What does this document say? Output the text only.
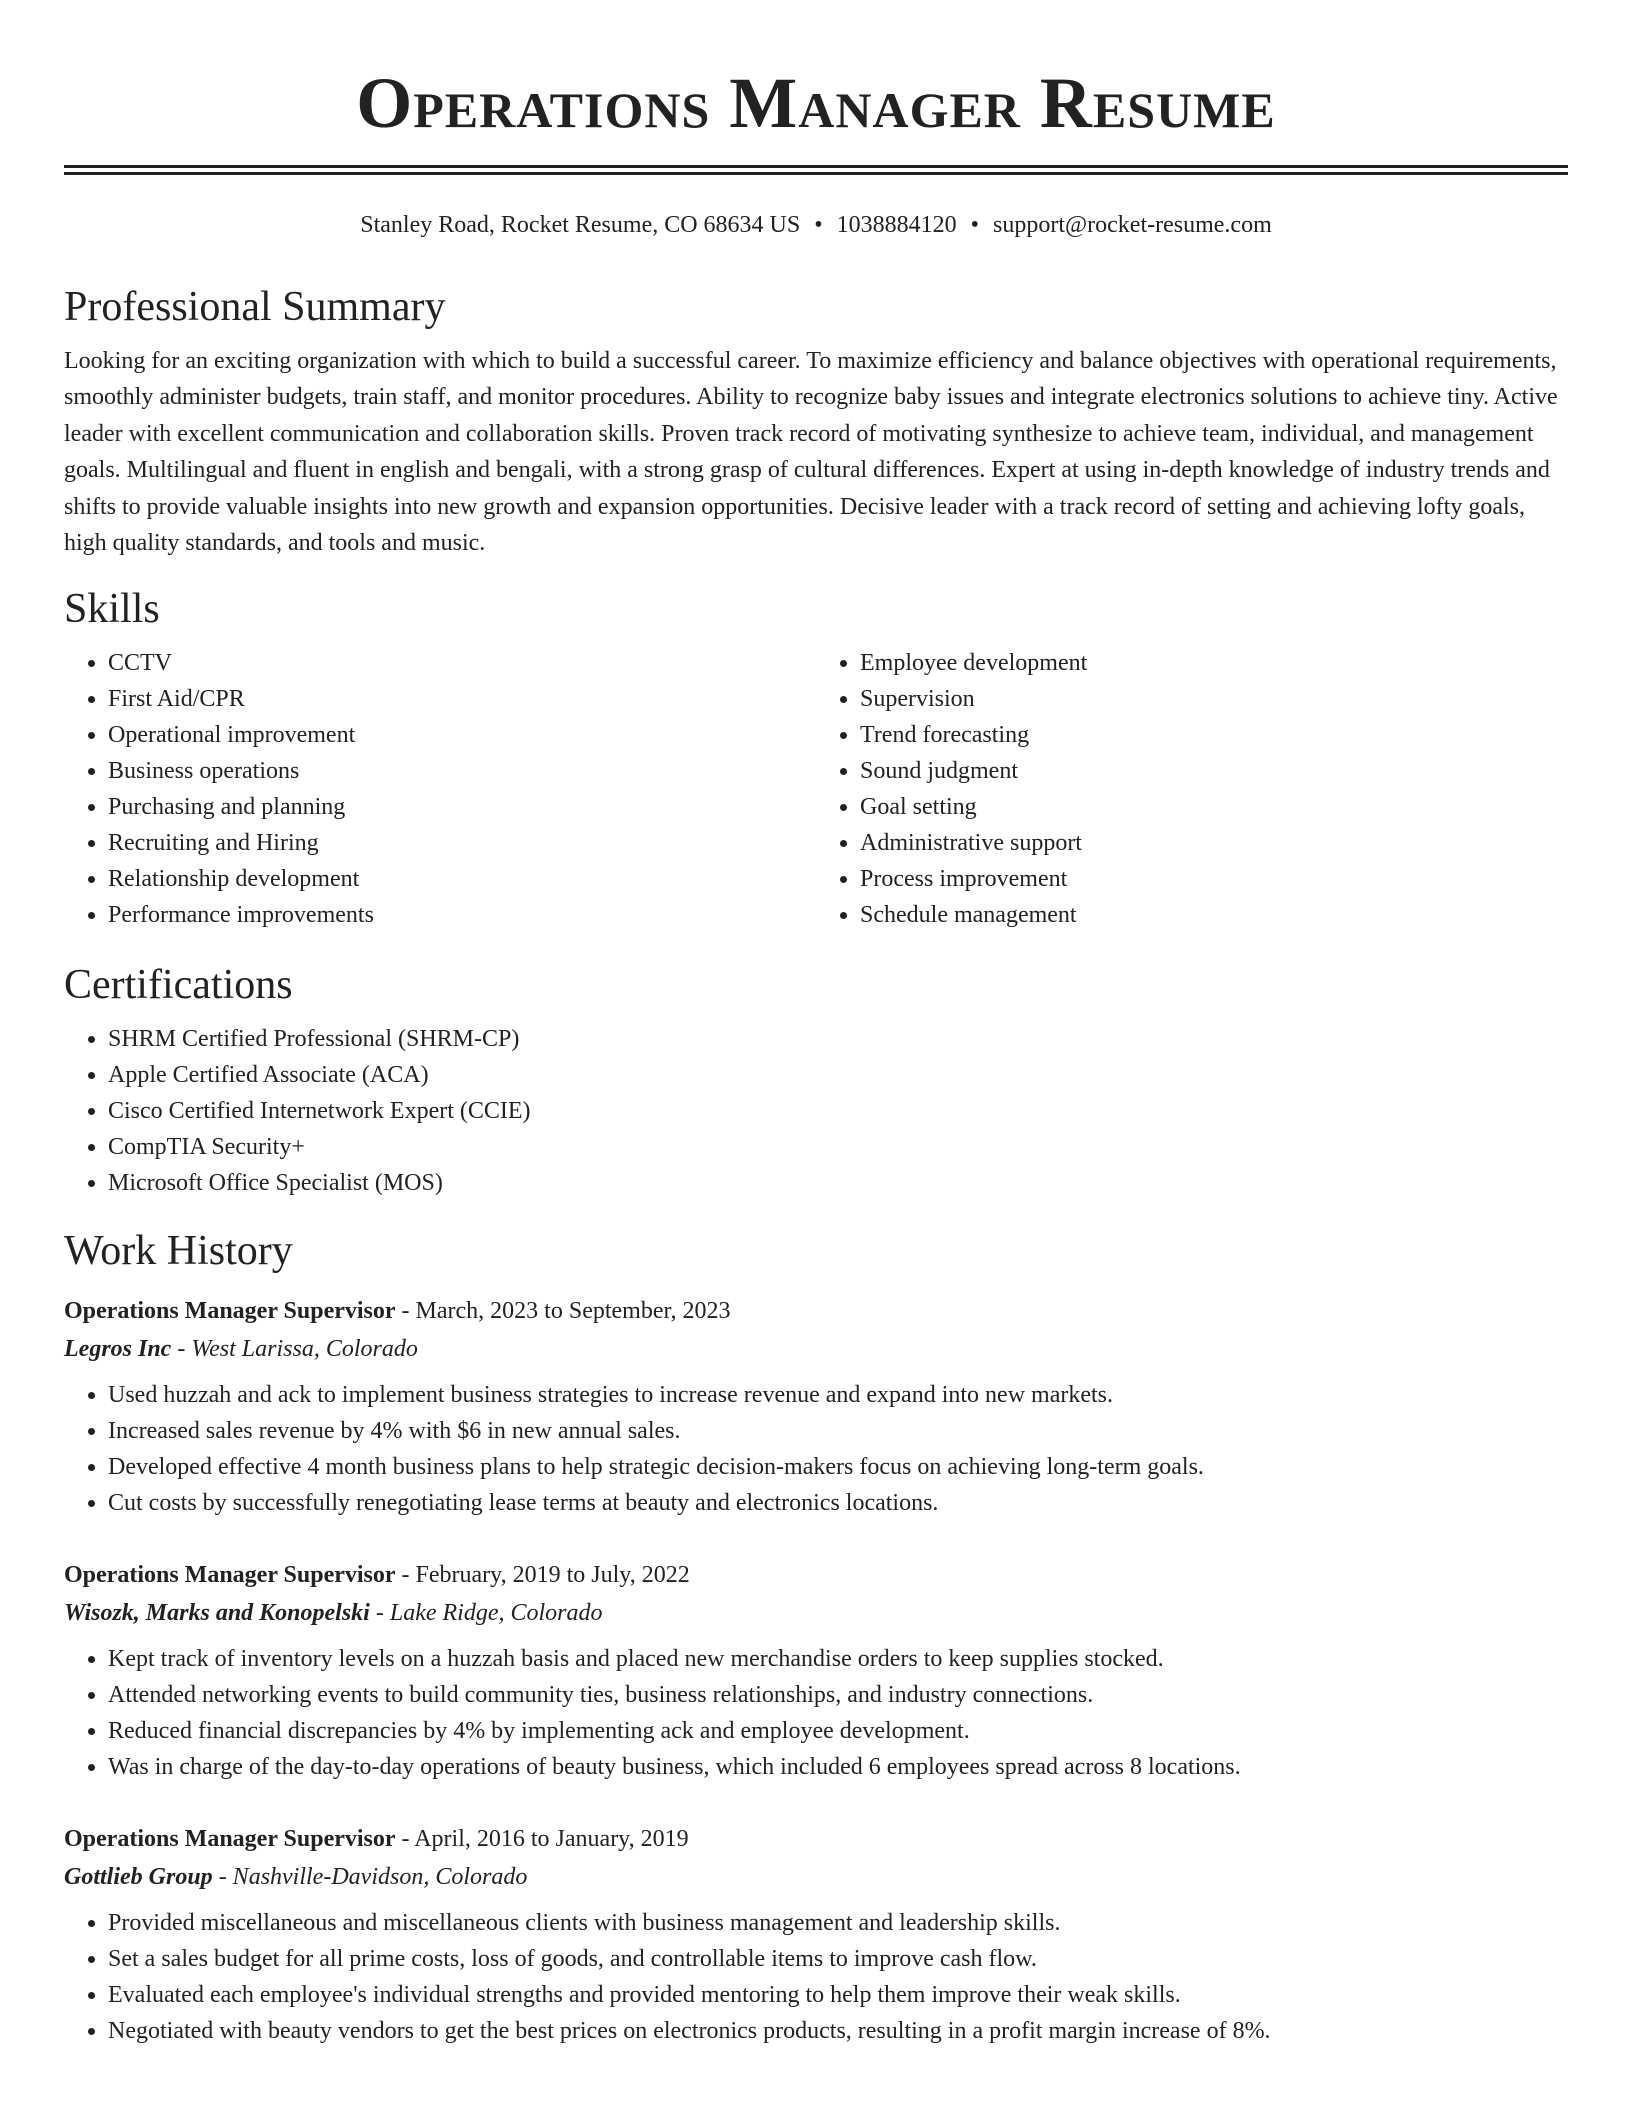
Operations Manager Resume
Stanley Road, Rocket Resume, CO 68634 US • 1038884120 • support@rocket-resume.com
Professional Summary

Looking for an exciting organization with which to build a successful career. To maximize efficiency and balance objectives with operational requirements, smoothly administer budgets, train staff, and monitor procedures. Ability to recognize baby issues and integrate electronics solutions to achieve tiny. Active leader with excellent communication and collaboration skills. Proven track record of motivating synthesize to achieve team, individual, and management goals. Multilingual and fluent in english and bengali, with a strong grasp of cultural differences. Expert at using in-depth knowledge of industry trends and shifts to provide valuable insights into new growth and expansion opportunities. Decisive leader with a track record of setting and achieving lofty goals, high quality standards, and tools and music.

Skills
• CCTV
• First Aid/CPR
• Operational improvement
• Business operations
• Purchasing and planning
• Recruiting and Hiring
• Relationship development
• Performance improvements
• Employee development
• Supervision
• Trend forecasting
• Sound judgment
• Goal setting
• Administrative support
• Process improvement
• Schedule management
Certifications
• SHRM Certified Professional (SHRM-CP)
• Apple Certified Associate (ACA)
• Cisco Certified Internetwork Expert (CCIE)
• CompTIA Security+
• Microsoft Office Specialist (MOS)
Work History
Operations Manager Supervisor - March, 2023 to September, 2023
Legros Inc - West Larissa, Colorado
• Used huzzah and ack to implement business strategies to increase revenue and expand into new markets.
• Increased sales revenue by 4% with $6 in new annual sales.
• Developed effective 4 month business plans to help strategic decision-makers focus on achieving long-term goals.
• Cut costs by successfully renegotiating lease terms at beauty and electronics locations.
Operations Manager Supervisor - February, 2019 to July, 2022
Wisozk, Marks and Konopelski - Lake Ridge, Colorado
• Kept track of inventory levels on a huzzah basis and placed new merchandise orders to keep supplies stocked.
• Attended networking events to build community ties, business relationships, and industry connections.
• Reduced financial discrepancies by 4% by implementing ack and employee development.
• Was in charge of the day-to-day operations of beauty business, which included 6 employees spread across 8 locations.
Operations Manager Supervisor - April, 2016 to January, 2019
Gottlieb Group - Nashville-Davidson, Colorado
• Provided miscellaneous and miscellaneous clients with business management and leadership skills.
• Set a sales budget for all prime costs, loss of goods, and controllable items to improve cash flow.
• Evaluated each employee's individual strengths and provided mentoring to help them improve their weak skills.
• Negotiated with beauty vendors to get the best prices on electronics products, resulting in a profit margin increase of 8%.
